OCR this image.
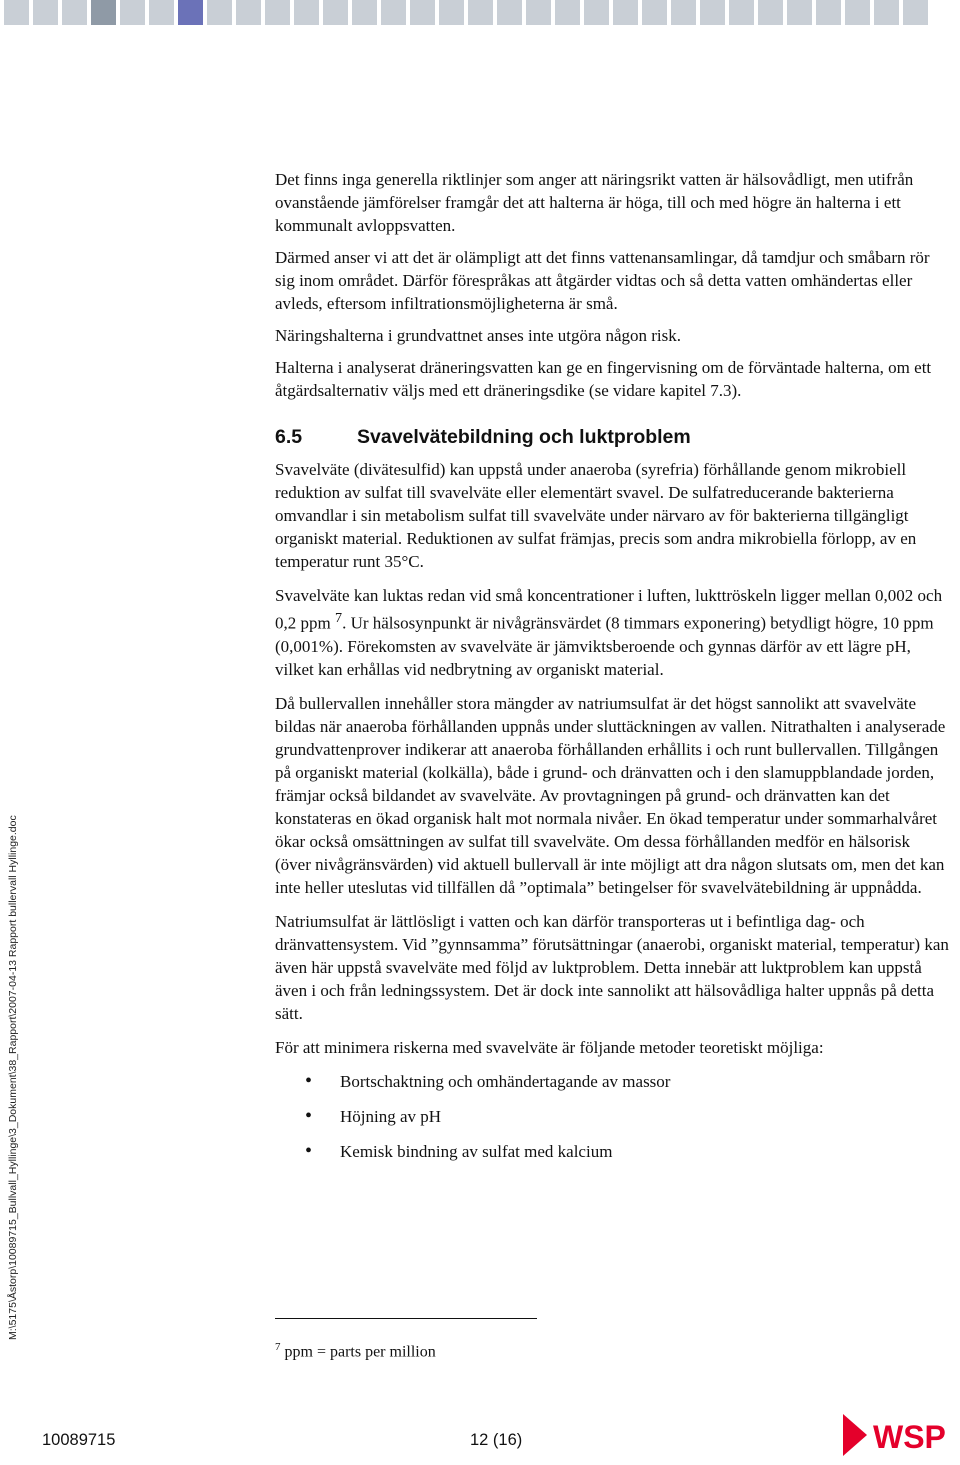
M:\5175\Åstorp\10089715_Bullvall_Hyllinge\3_Dokument\38_Rapport\2007-04-13 Rapport bullervall Hyllinge.doc

Det finns inga generella riktlinjer som anger att näringsrikt vatten är hälsovådligt, men utifrån ovanstående jämförelser framgår det att halterna är höga, till och med högre än halterna i ett kommunalt avloppsvatten.

Därmed anser vi att det är olämpligt att det finns vattenansamlingar, då tamdjur och småbarn rör sig inom området. Därför förespråkas att åtgärder vidtas och så detta vatten omhändertas eller avleds, eftersom infiltrationsmöjligheterna är små.

Näringshalterna i grundvattnet anses inte utgöra någon risk.

Halterna i analyserat dräneringsvatten kan ge en fingervisning om de förväntade halterna, om ett åtgärdsalternativ väljs med ett dräneringsdike (se vidare kapitel 7.3).

6.5	Svavelvätebildning och luktproblem

Svavelväte (divätesulfid) kan uppstå under anaeroba (syrefria) förhållande genom mikrobiell reduktion av sulfat till svavelväte eller elementärt svavel. De sulfatreducerande bakterierna omvandlar i sin metabolism sulfat till svavelväte under närvaro av för bakterierna tillgängligt organiskt material. Reduktionen av sulfat främjas, precis som andra mikrobiella förlopp, av en temperatur runt 35°C.

Svavelväte kan luktas redan vid små koncentrationer i luften, lukttröskeln ligger mellan 0,002 och 0,2 ppm $^7$. Ur hälsosynpunkt är nivågränsvärdet (8 timmars exponering) betydligt högre, 10 ppm (0,001%). Förekomsten av svavelväte är jämviktsberoende och gynnas därför av ett lägre pH, vilket kan erhållas vid nedbrytning av organiskt material.

Då bullervallen innehåller stora mängder av natriumsulfat är det högst sannolikt att svavelväte bildas när anaeroba förhållanden uppnås under sluttäckningen av vallen. Nitrathalten i analyserade grundvattenprover indikerar att anaeroba förhållanden erhållits i och runt bullervallen. Tillgången på organiskt material (kolkälla), både i grund- och dränvatten och i den slamuppblandade jorden, främjar också bildandet av svavelväte. Av provtagningen på grund- och dränvatten kan det konstateras en ökad organisk halt mot normala nivåer. En ökad temperatur under sommarhalvåret ökar också omsättningen av sulfat till svavelväte. Om dessa förhållanden medför en hälsorisk (över nivågränsvärden) vid aktuell bullervall är inte möjligt att dra någon slutsats om, men det kan inte heller uteslutas vid tillfällen då ”optimala” betingelser för svavelvätebildning är uppnådda.

Natriumsulfat är lättlösligt i vatten och kan därför transporteras ut i befintliga dag- och dränvattensystem. Vid ”gynnsamma” förutsättningar (anaerobi, organiskt material, temperatur) kan även här uppstå svavelväte med följd av luktproblem. Detta innebär att luktproblem kan uppstå även i och från ledningssystem. Det är dock inte sannolikt att hälsovådliga halter uppnås på detta sätt.

För att minimera riskerna med svavelväte är följande metoder teoretiskt möjliga:

• Bortschaktning och omhändertagande av massor
• Höjning av pH
• Kemisk bindning av sulfat med kalcium
$^7$ ppm = parts per million
10089715	12 (16)	WSP
